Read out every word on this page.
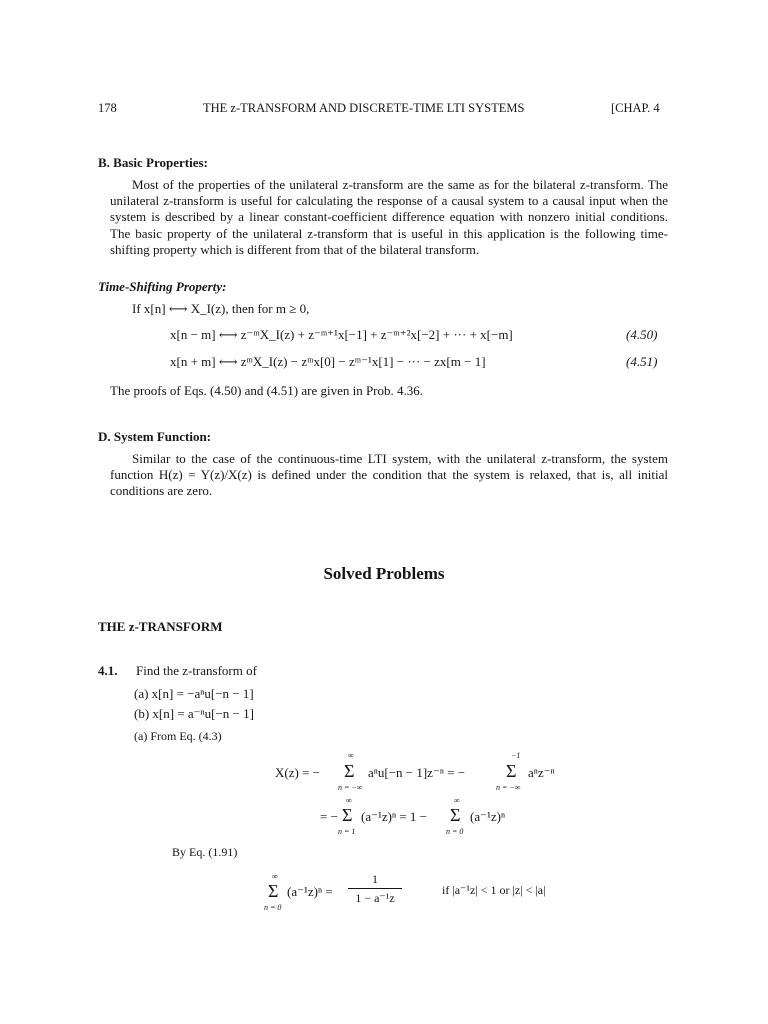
178	THE z-TRANSFORM AND DISCRETE-TIME LTI SYSTEMS	[CHAP. 4
B. Basic Properties:
Most of the properties of the unilateral z-transform are the same as for the bilateral z-transform. The unilateral z-transform is useful for calculating the response of a causal system to a causal input when the system is described by a linear constant-coefficient difference equation with nonzero initial conditions. The basic property of the unilateral z-transform that is useful in this application is the following time-shifting property which is different from that of the bilateral transform.
Time-Shifting Property:
If x[n] ⟷ X_I(z), then for m ≥ 0,
x[n − m] ⟷ z⁻ᵐX_I(z) + z⁻ᵐ⁺¹x[−1] + z⁻ᵐ⁺²x[−2] + ··· + x[−m]	(4.50)
x[n + m] ⟷ zᵐX_I(z) − zᵐx[0] − zᵐ⁻¹x[1] − ··· − zx[m − 1]	(4.51)
The proofs of Eqs. (4.50) and (4.51) are given in Prob. 4.36.
D. System Function:
Similar to the case of the continuous-time LTI system, with the unilateral z-transform, the system function H(z) = Y(z)/X(z) is defined under the condition that the system is relaxed, that is, all initial conditions are zero.
Solved Problems
THE z-TRANSFORM
4.1. Find the z-transform of
(a) x[n] = −aⁿu[−n − 1]
(b) x[n] = a⁻ⁿu[−n − 1]
(a) From Eq. (4.3)
X(z) = −
∞
Σ
n = −∞
aⁿu[−n − 1]z⁻ⁿ = −
−1
Σ
n = −∞
aⁿz⁻ⁿ
= −
∞
Σ
n = 1
(a⁻¹z)ⁿ = 1 −
∞
Σ
n = 0
(a⁻¹z)ⁿ
By Eq. (1.91)
∞
Σ
n = 0
(a⁻¹z)ⁿ =
1
1 − a⁻¹z
if |a⁻¹z| < 1 or |z| < |a|
